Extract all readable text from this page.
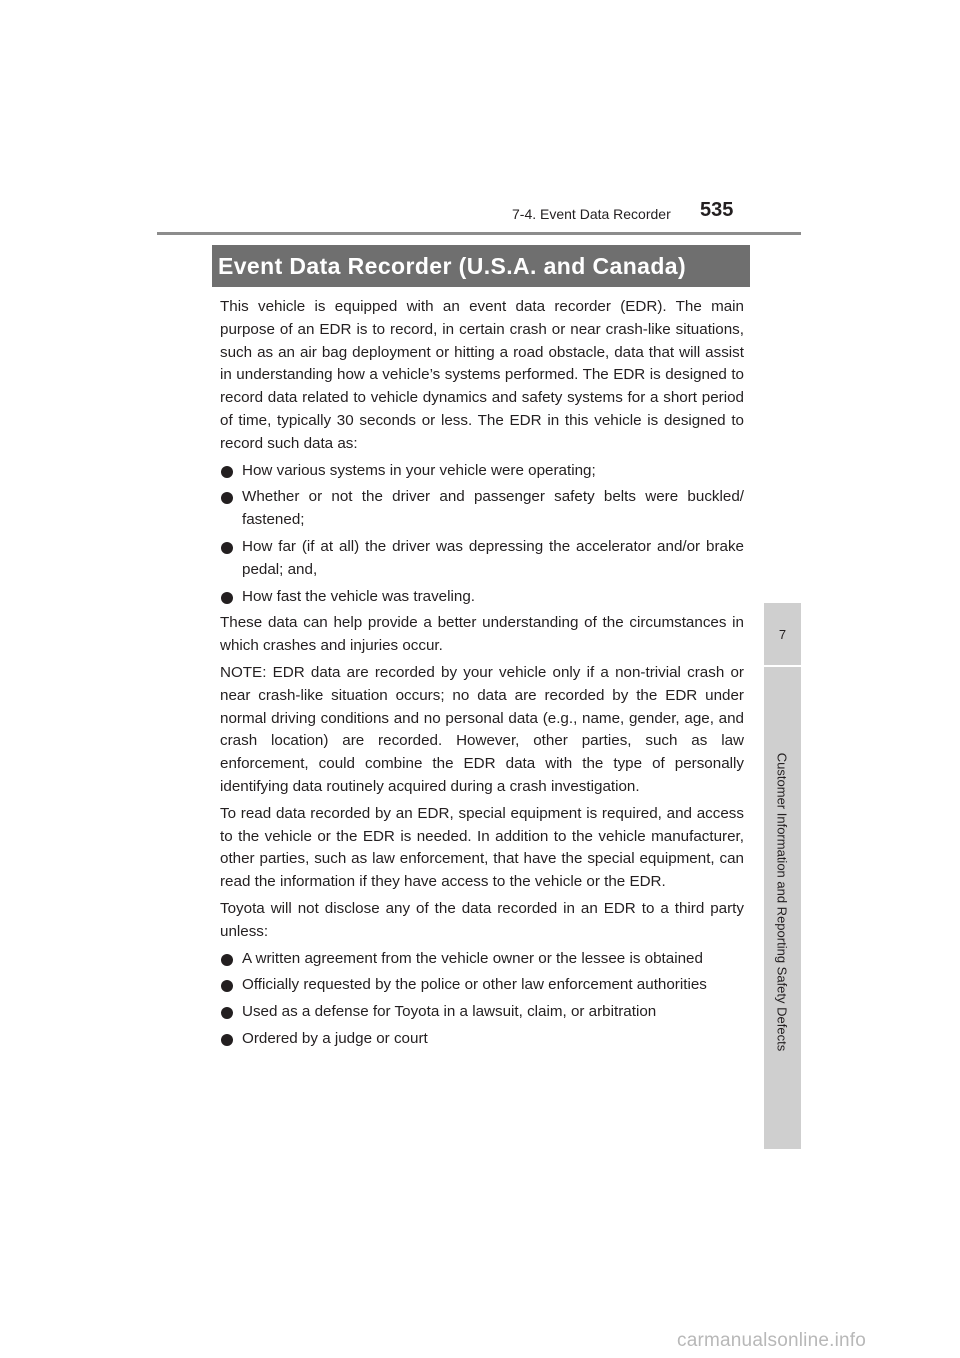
7-4. Event Data Recorder 535
Event Data Recorder (U.S.A. and Canada)
7
Customer Information and Reporting Safety Defects

This vehicle is equipped with an event data recorder (EDR). The main purpose of an EDR is to record, in certain crash or near crash-like situations, such as an air bag deployment or hitting a road obstacle, data that will assist in understanding how a vehicle’s systems performed. The EDR is designed to record data related to vehicle dynamics and safety systems for a short period of time, typically 30 seconds or less. The EDR in this vehicle is designed to record such data as:

How various systems in your vehicle were operating;
Whether or not the driver and passenger safety belts were buckled/ fastened;
How far (if at all) the driver was depressing the accelerator and/or brake pedal; and,
How fast the vehicle was traveling.

These data can help provide a better understanding of the circumstances in which crashes and injuries occur.

NOTE: EDR data are recorded by your vehicle only if a non-trivial crash or near crash-like situation occurs; no data are recorded by the EDR under normal driving conditions and no personal data (e.g., name, gender, age, and crash location) are recorded. However, other parties, such as law enforcement, could combine the EDR data with the type of personally identifying data routinely acquired during a crash investigation.

To read data recorded by an EDR, special equipment is required, and access to the vehicle or the EDR is needed. In addition to the vehicle manufacturer, other parties, such as law enforcement, that have the special equipment, can read the information if they have access to the vehicle or the EDR.

Toyota will not disclose any of the data recorded in an EDR to a third party unless:

A written agreement from the vehicle owner or the lessee is obtained
Officially requested by the police or other law enforcement authorities
Used as a defense for Toyota in a lawsuit, claim, or arbitration
Ordered by a judge or court
carmanualsonline.info
